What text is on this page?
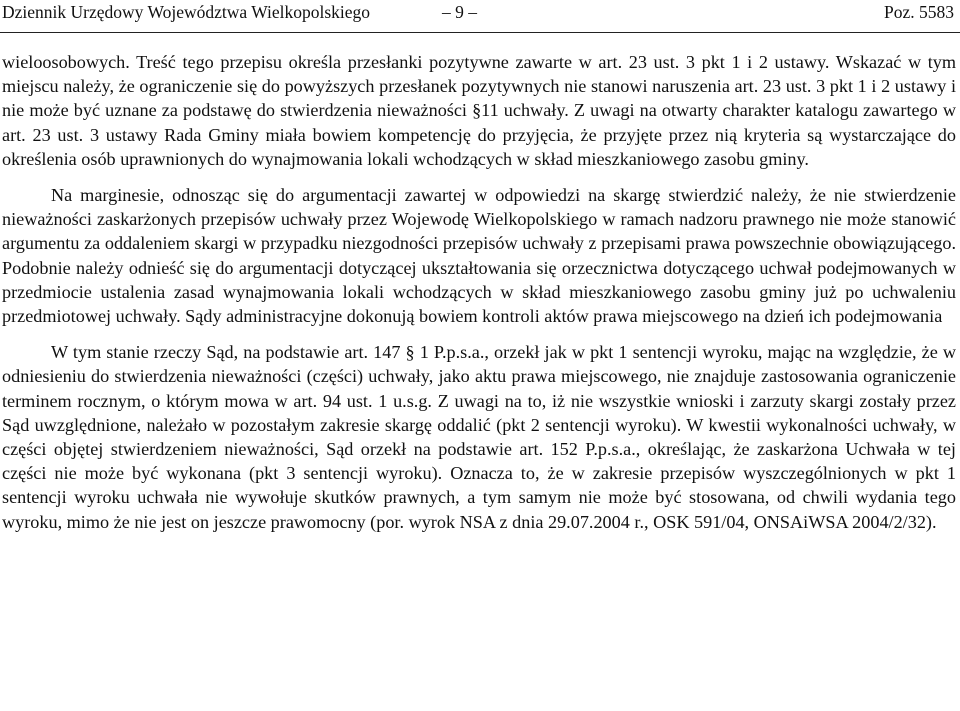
Dziennik Urzędowy Województwa Wielkopolskiego	– 9 –	Poz. 5583

wieloosobowych. Treść tego przepisu określa przesłanki pozytywne zawarte w art. 23 ust. 3 pkt 1 i 2 ustawy. Wskazać w tym miejscu należy, że ograniczenie się do powyższych przesłanek pozytywnych nie stanowi naruszenia art. 23 ust. 3 pkt 1 i 2 ustawy i nie może być uznane za podstawę do stwierdzenia nieważności §11 uchwały. Z uwagi na otwarty charakter katalogu zawartego w art. 23 ust. 3 ustawy Rada Gminy miała bowiem kompetencję do przyjęcia, że przyjęte przez nią kryteria są wystarczające do określenia osób uprawnionych do wynajmowania lokali wchodzących w skład mieszkaniowego zasobu gminy.

Na marginesie, odnosząc się do argumentacji zawartej w odpowiedzi na skargę stwierdzić należy, że nie stwierdzenie nieważności zaskarżonych przepisów uchwały przez Wojewodę Wielkopolskiego w ramach nadzoru prawnego nie może stanowić argumentu za oddaleniem skargi w przypadku niezgodności przepisów uchwały z przepisami prawa powszechnie obowiązującego. Podobnie należy odnieść się do argumentacji dotyczącej ukształtowania się orzecznictwa dotyczącego uchwał podejmowanych w przedmiocie ustalenia zasad wynajmowania lokali wchodzących w skład mieszkaniowego zasobu gminy już po uchwaleniu przedmiotowej uchwały. Sądy administracyjne dokonują bowiem kontroli aktów prawa miejscowego na dzień ich podejmowania

W tym stanie rzeczy Sąd, na podstawie art. 147 § 1 P.p.s.a., orzekł jak w pkt 1 sentencji wyroku, mając na względzie, że w odniesieniu do stwierdzenia nieważności (części) uchwały, jako aktu prawa miejscowego, nie znajduje zastosowania ograniczenie terminem rocznym, o którym mowa w art. 94 ust. 1 u.s.g. Z uwagi na to, iż nie wszystkie wnioski i zarzuty skargi zostały przez Sąd uwzględnione, należało w pozostałym zakresie skargę oddalić (pkt 2 sentencji wyroku). W kwestii wykonalności uchwały, w części objętej stwierdzeniem nieważności, Sąd orzekł na podstawie art. 152 P.p.s.a., określając, że zaskarżona Uchwała w tej części nie może być wykonana (pkt 3 sentencji wyroku). Oznacza to, że w zakresie przepisów wyszczególnionych w pkt 1 sentencji wyroku uchwała nie wywołuje skutków prawnych, a tym samym nie może być stosowana, od chwili wydania tego wyroku, mimo że nie jest on jeszcze prawomocny (por. wyrok NSA z dnia 29.07.2004 r., OSK 591/04, ONSAiWSA 2004/2/32).
